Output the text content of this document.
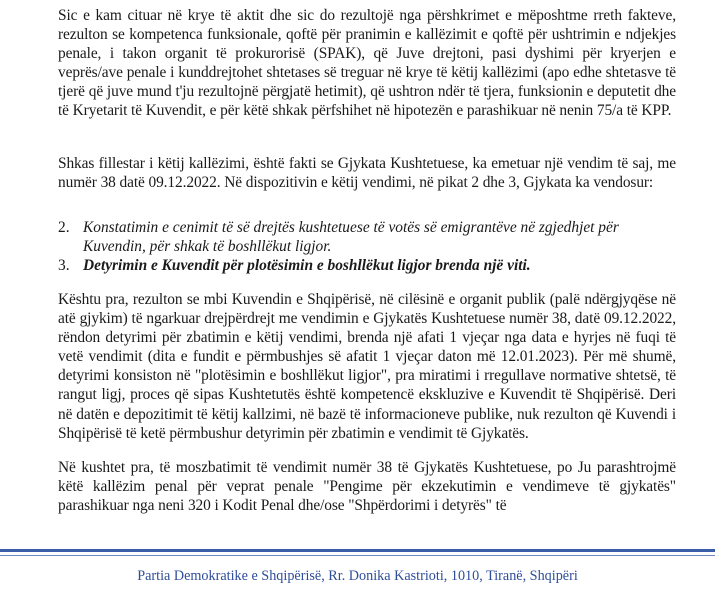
Sic e kam cituar në krye të aktit dhe sic do rezultojë nga përshkrimet e mëposhtme rreth fakteve, rezulton se kompetenca funksionale, qoftë për pranimin e kallëzimit e qoftë për ushtrimin e ndjekjes penale, i takon organit të prokurorisë (SPAK), që Juve drejtoni, pasi dyshimi për kryerjen e veprës/ave penale i kunddrejtohet shtetases së treguar në krye të këtij kallëzimi (apo edhe shtetasve të tjerë që juve mund t'ju rezultojnë përgjatë hetimit), që ushtron ndër të tjera, funksionin e deputetit dhe të Kryetarit të Kuvendit, e për këtë shkak përfshihet në hipotezën e parashikuar në nenin 75/a të KPP.

Shkas fillestar i këtij kallëzimi, është fakti se Gjykata Kushtetuese, ka emetuar një vendim të saj, me numër 38 datë 09.12.2022. Në dispozitivin e këtij vendimi, në pikat 2 dhe 3, Gjykata ka vendosur:

2. Konstatimin e cenimit të së drejtës kushtetuese të votës së emigrantëve në zgjedhjet për Kuvendin, për shkak të boshllëkut ligjor.
3. Detyrimin e Kuvendit për plotësimin e boshllëkut ligjor brenda një viti.

Kështu pra, rezulton se mbi Kuvendin e Shqipërisë, në cilësinë e organit publik (palë ndërgjyqëse në atë gjykim) të ngarkuar drejpërdrejt me vendimin e Gjykatës Kushtetuese numër 38, datë 09.12.2022, rëndon detyrimi për zbatimin e këtij vendimi, brenda një afati 1 vjeçar nga data e hyrjes në fuqi të vetë vendimit (dita e fundit e përmbushjes së afatit 1 vjeçar daton më 12.01.2023). Për më shumë, detyrimi konsiston në "plotësimin e boshllëkut ligjor", pra miratimi i rregullave normative shtetsë, të rangut ligj, proces që sipas Kushtetutës është kompetencë ekskluzive e Kuvendit të Shqipërisë. Deri në datën e depozitimit të këtij kallzimi, në bazë të informacioneve publike, nuk rezulton që Kuvendi i Shqipërisë të ketë përmbushur detyrimin për zbatimin e vendimit të Gjykatës.

Në kushtet pra, të moszbatimit të vendimit numër 38 të Gjykatës Kushtetuese, po Ju parashtrojmë këtë kallëzim penal për veprat penale "Pengime për ekzekutimin e vendimeve të gjykatës" parashikuar nga neni 320 i Kodit Penal dhe/ose "Shpërdorimi i detyrës" të

Partia Demokratike e Shqipërisë, Rr. Donika Kastrioti, 1010, Tiranë, Shqipëri
